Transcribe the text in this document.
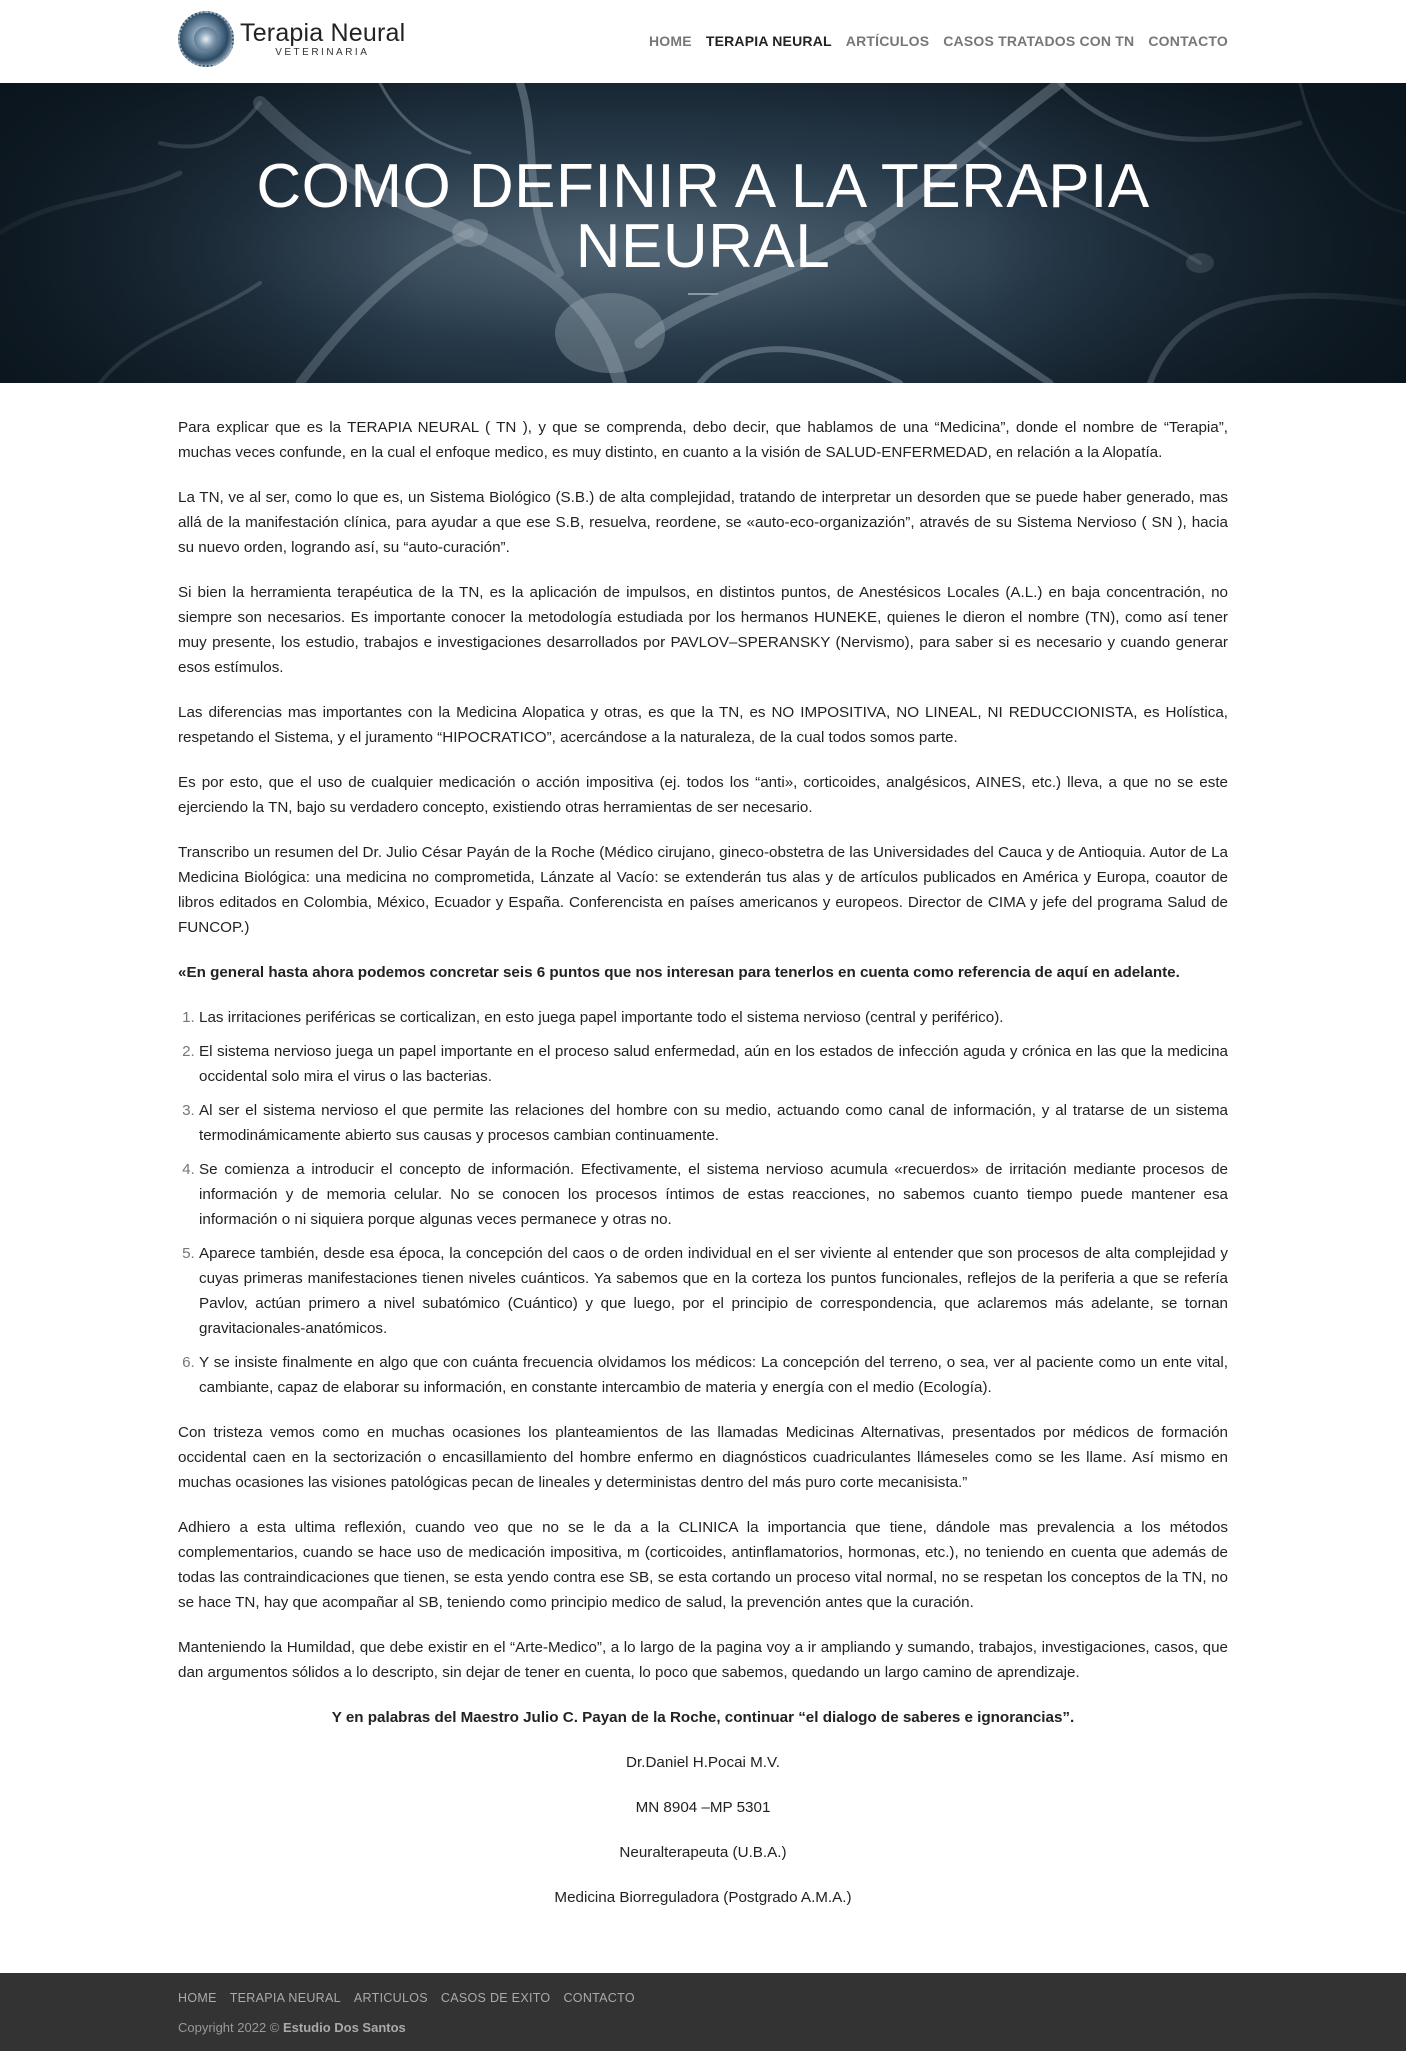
Terapia Neural
VETERINARIA
HOME TERAPIA NEURAL ARTÍCULOS CASOS TRATADOS CON TN CONTACTO
COMO DEFINIR A LA TERAPIA NEURAL

Para explicar que es la TERAPIA NEURAL ( TN ), y que se comprenda, debo decir, que hablamos de una “Medicina”, donde el nombre de “Terapia”, muchas veces confunde, en la cual el enfoque medico, es muy distinto, en cuanto a la visión de SALUD-ENFERMEDAD, en relación a la Alopatía.

La TN, ve al ser, como lo que es, un Sistema Biológico (S.B.) de alta complejidad, tratando de interpretar un desorden que se puede haber generado, mas allá de la manifestación clínica, para ayudar a que ese S.B, resuelva, reordene, se «auto-eco-organizazión”, através de su Sistema Nervioso ( SN ), hacia su nuevo orden, logrando así, su “auto-curación”.

Si bien la herramienta terapéutica de la TN, es la aplicación de impulsos, en distintos puntos, de Anestésicos Locales (A.L.) en baja concentración, no siempre son necesarios. Es importante conocer la metodología estudiada por los hermanos HUNEKE, quienes le dieron el nombre (TN), como así tener muy presente, los estudio, trabajos e investigaciones desarrollados por PAVLOV–SPERANSKY (Nervismo), para saber si es necesario y cuando generar esos estímulos.

Las diferencias mas importantes con la Medicina Alopatica y otras, es que la TN, es NO IMPOSITIVA, NO LINEAL, NI REDUCCIONISTA, es Holística, respetando el Sistema, y el juramento “HIPOCRATICO”, acercándose a la naturaleza, de la cual todos somos parte.

Es por esto, que el uso de cualquier medicación o acción impositiva (ej. todos los “anti», corticoides, analgésicos, AINES, etc.) lleva, a que no se este ejerciendo la TN, bajo su verdadero concepto, existiendo otras herramientas de ser necesario.

Transcribo un resumen del Dr. Julio César Payán de la Roche (Médico cirujano, gineco-obstetra de las Universidades del Cauca y de Antioquia. Autor de La Medicina Biológica: una medicina no comprometida, Lánzate al Vacío: se extenderán tus alas y de artículos publicados en América y Europa, coautor de libros editados en Colombia, México, Ecuador y España. Conferencista en países americanos y europeos. Director de CIMA y jefe del programa Salud de FUNCOP.)

«En general hasta ahora podemos concretar seis 6 puntos que nos interesan para tenerlos en cuenta como referencia de aquí en adelante.

1. Las irritaciones periféricas se corticalizan, en esto juega papel importante todo el sistema nervioso (central y periférico).
2. El sistema nervioso juega un papel importante en el proceso salud enfermedad, aún en los estados de infección aguda y crónica en las que la medicina occidental solo mira el virus o las bacterias.
3. Al ser el sistema nervioso el que permite las relaciones del hombre con su medio, actuando como canal de información, y al tratarse de un sistema termodinámicamente abierto sus causas y procesos cambian continuamente.
4. Se comienza a introducir el concepto de información. Efectivamente, el sistema nervioso acumula «recuerdos» de irritación mediante procesos de información y de memoria celular. No se conocen los procesos íntimos de estas reacciones, no sabemos cuanto tiempo puede mantener esa información o ni siquiera porque algunas veces permanece y otras no.
5. Aparece también, desde esa época, la concepción del caos o de orden individual en el ser viviente al entender que son procesos de alta complejidad y cuyas primeras manifestaciones tienen niveles cuánticos. Ya sabemos que en la corteza los puntos funcionales, reflejos de la periferia a que se refería Pavlov, actúan primero a nivel subatómico (Cuántico) y que luego, por el principio de correspondencia, que aclaremos más adelante, se tornan gravitacionales-anatómicos.
6. Y se insiste finalmente en algo que con cuánta frecuencia olvidamos los médicos: La concepción del terreno, o sea, ver al paciente como un ente vital, cambiante, capaz de elaborar su información, en constante intercambio de materia y energía con el medio (Ecología).

Con tristeza vemos como en muchas ocasiones los planteamientos de las llamadas Medicinas Alternativas, presentados por médicos de formación occidental caen en la sectorización o encasillamiento del hombre enfermo en diagnósticos cuadriculantes llámeseles como se les llame. Así mismo en muchas ocasiones las visiones patológicas pecan de lineales y deterministas dentro del más puro corte mecanisista.”

Adhiero a esta ultima reflexión, cuando veo que no se le da a la CLINICA la importancia que tiene, dándole mas prevalencia a los métodos complementarios, cuando se hace uso de medicación impositiva, m (corticoides, antinflamatorios, hormonas, etc.), no teniendo en cuenta que además de todas las contraindicaciones que tienen, se esta yendo contra ese SB, se esta cortando un proceso vital normal, no se respetan los conceptos de la TN, no se hace TN, hay que acompañar al SB, teniendo como principio medico de salud, la prevención antes que la curación.

Manteniendo la Humildad, que debe existir en el “Arte-Medico”, a lo largo de la pagina voy a ir ampliando y sumando, trabajos, investigaciones, casos, que dan argumentos sólidos a lo descripto, sin dejar de tener en cuenta, lo poco que sabemos, quedando un largo camino de aprendizaje.

Y en palabras del Maestro Julio C. Payan de la Roche, continuar “el dialogo de saberes e ignorancias”.

Dr.Daniel H.Pocai M.V.

MN 8904 –MP 5301

Neuralterapeuta (U.B.A.)

Medicina Biorreguladora (Postgrado A.M.A.)

HOME TERAPIA NEURAL ARTICULOS CASOS DE EXITO CONTACTO
Copyright 2022 © Estudio Dos Santos
